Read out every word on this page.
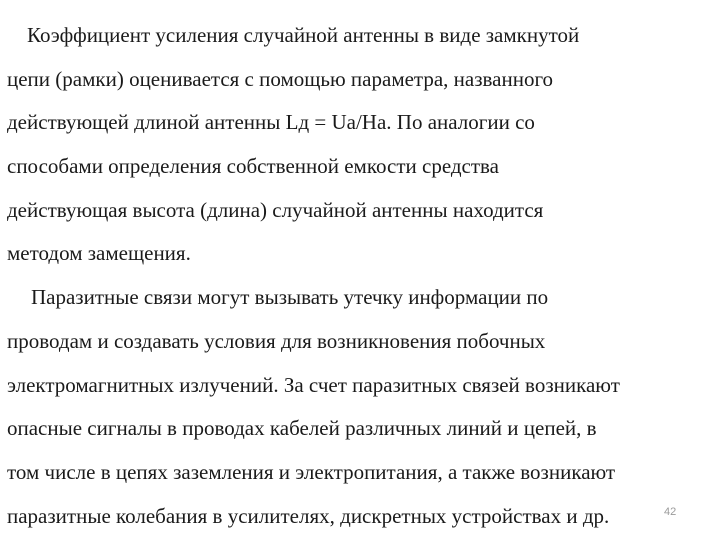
Коэффициент усиления случайной антенны в виде замкнутой
цепи (рамки) оценивается с помощью параметра, названного
действующей длиной антенны Lд = Uа/Hа. По аналогии со
способами определения собственной емкости средства
действующая высота (длина) случайной антенны находится
методом замещения.
Паразитные связи могут вызывать утечку информации по
проводам и создавать условия для возникновения побочных
электромагнитных излучений. За счет паразитных связей возникают
опасные сигналы в проводах кабелей различных линий и цепей, в
том числе в цепях заземления и электропитания, а также возникают
паразитные колебания в усилителях, дискретных устройствах и др.	42
